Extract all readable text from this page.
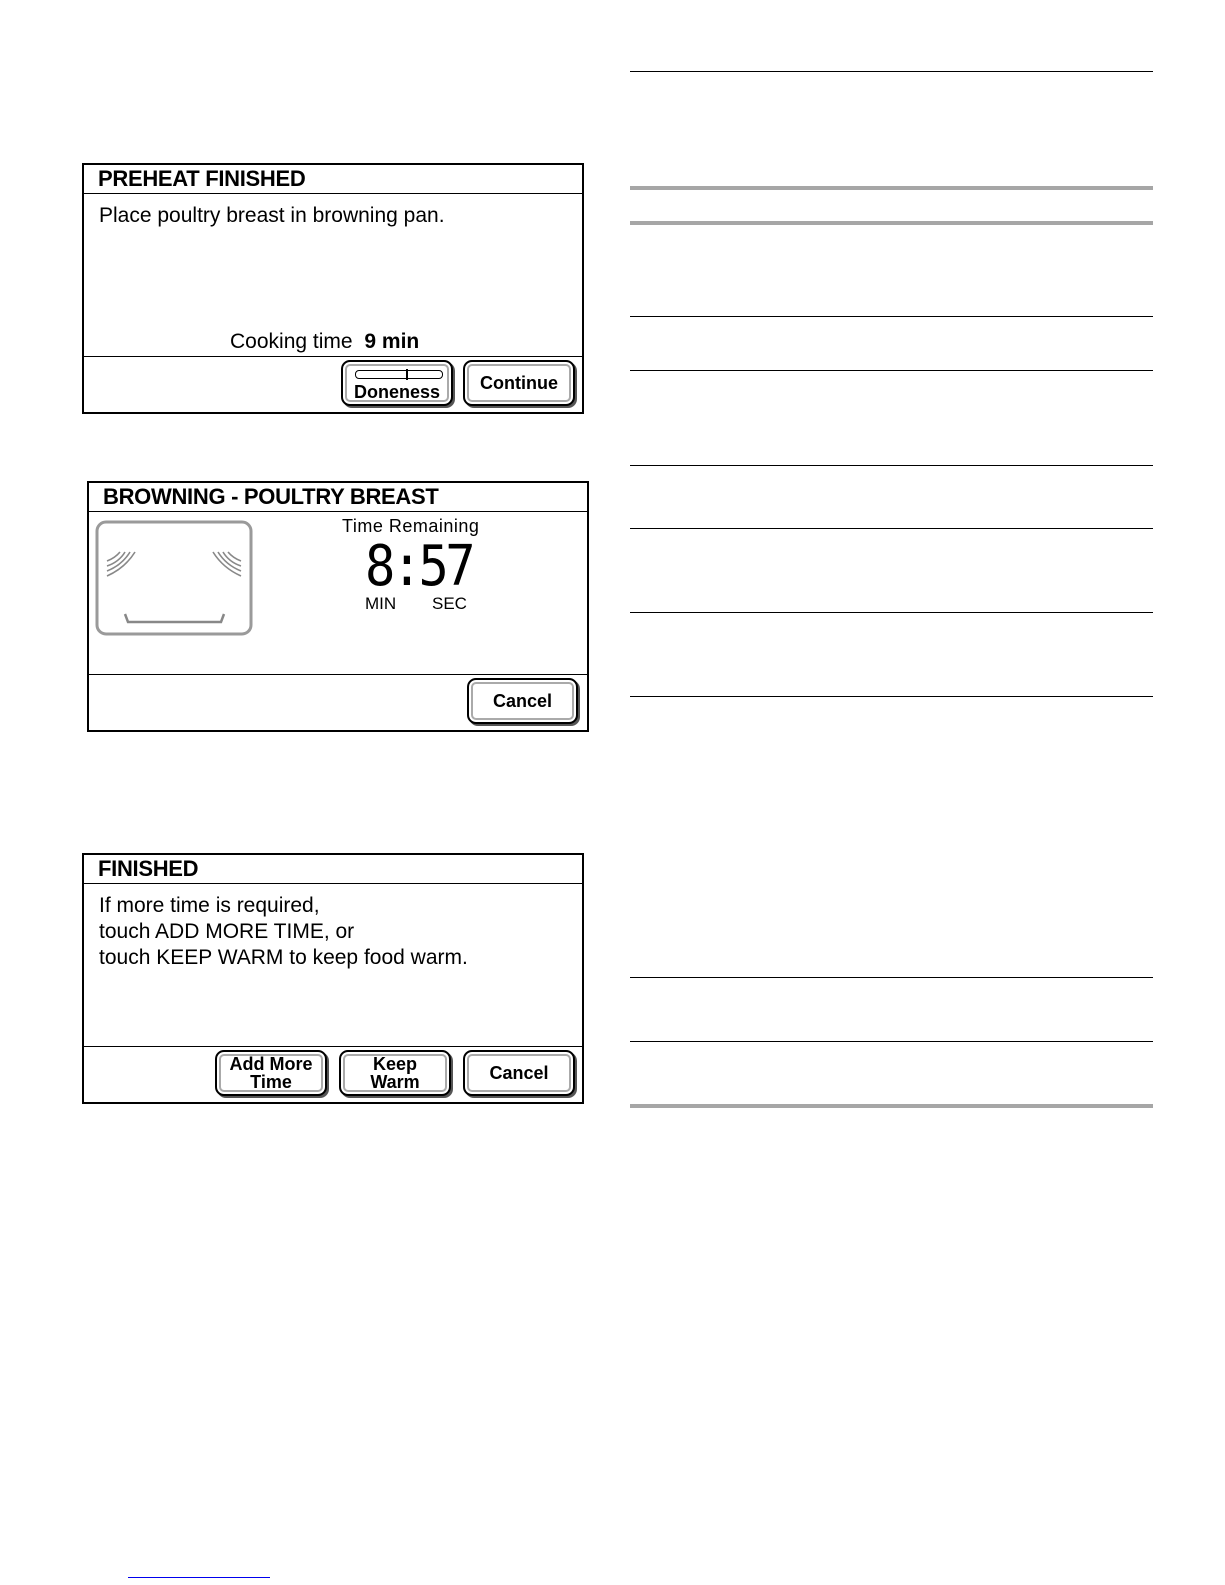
PREHEAT FINISHED
Place poultry breast in browning pan.
Cooking time 9 min
Doneness Continue
BROWNING - POULTRY BREAST
Time Remaining
8:57
MIN SEC
Cancel
FINISHED
If more time is required,
touch ADD MORE TIME, or
touch KEEP WARM to keep food warm.
Add More
Time
Keep
Warm	Cancel
